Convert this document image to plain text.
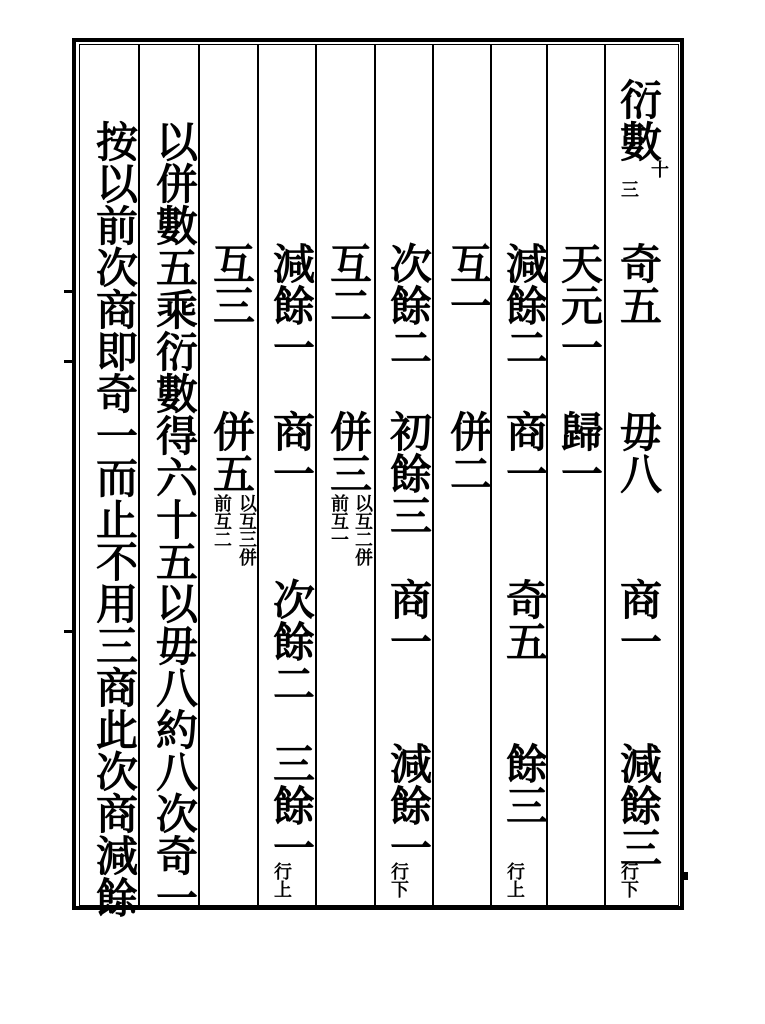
衍數
十
三
奇五
毋八
商一
減餘三
行下
天元一
歸一
減餘二
商一
奇五
餘三
行上
互一
併二
次餘二
初餘三
商一
減餘一
行下
互二
併三
以互二併
前互一
減餘一
商一
次餘二
三餘一
行上
互三
併五
以互三併
前互二
以併數五乘衍數得六十五以毋八約八次奇一
按以前次商即奇一而止不用三商此次商減餘
